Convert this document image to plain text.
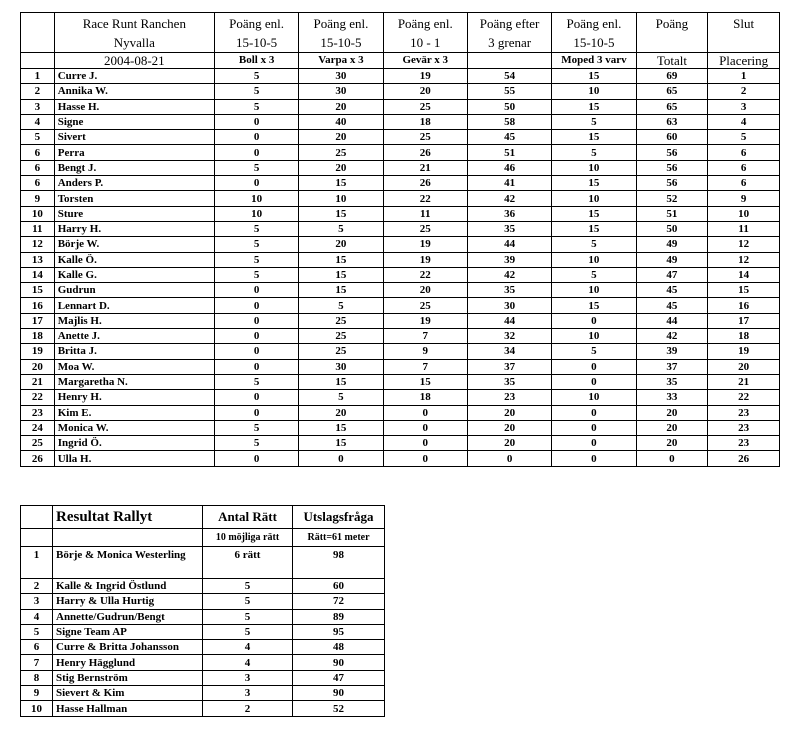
	Race Runt Ranchen	Poäng enl.	Poäng enl.	Poäng enl.	Poäng efter	Poäng enl.	Poäng	Slut
	Nyvalla	15-10-5	15-10-5	10 - 1	3 grenar	15-10-5		
	2004-08-21	Boll x 3	Varpa x 3	Gevär x 3		Moped 3 varv	Totalt	Placering
1	Curre J.	5	30	19	54	15	69	1
2	Annika W.	5	30	20	55	10	65	2
3	Hasse H.	5	20	25	50	15	65	3
4	Signe	0	40	18	58	5	63	4
5	Sivert	0	20	25	45	15	60	5
6	Perra	0	25	26	51	5	56	6
6	Bengt J.	5	20	21	46	10	56	6
6	Anders P.	0	15	26	41	15	56	6
9	Torsten	10	10	22	42	10	52	9
10	Sture	10	15	11	36	15	51	10
11	Harry H.	5	5	25	35	15	50	11
12	Börje W.	5	20	19	44	5	49	12
13	Kalle Ö.	5	15	19	39	10	49	12
14	Kalle G.	5	15	22	42	5	47	14
15	Gudrun	0	15	20	35	10	45	15
16	Lennart D.	0	5	25	30	15	45	16
17	Majlis H.	0	25	19	44	0	44	17
18	Anette J.	0	25	7	32	10	42	18
19	Britta J.	0	25	9	34	5	39	19
20	Moa W.	0	30	7	37	0	37	20
21	Margaretha N.	5	15	15	35	0	35	21
22	Henry H.	0	5	18	23	10	33	22
23	Kim E.	0	20	0	20	0	20	23
24	Monica W.	5	15	0	20	0	20	23
25	Ingrid Ö.	5	15	0	20	0	20	23
26	Ulla H.	0	0	0	0	0	0	26
	Resultat Rallyt	Antal Rätt	Utslagsfråga
		10 möjliga rätt	Rätt=61 meter
1	Börje & Monica Westerling	6 rätt	98
2	Kalle & Ingrid Östlund	5	60
3	Harry & Ulla Hurtig	5	72
4	Annette/Gudrun/Bengt	5	89
5	Signe Team AP	5	95
6	Curre & Britta Johansson	4	48
7	Henry Hägglund	4	90
8	Stig Bernström	3	47
9	Sievert & Kim	3	90
10	Hasse Hallman	2	52
